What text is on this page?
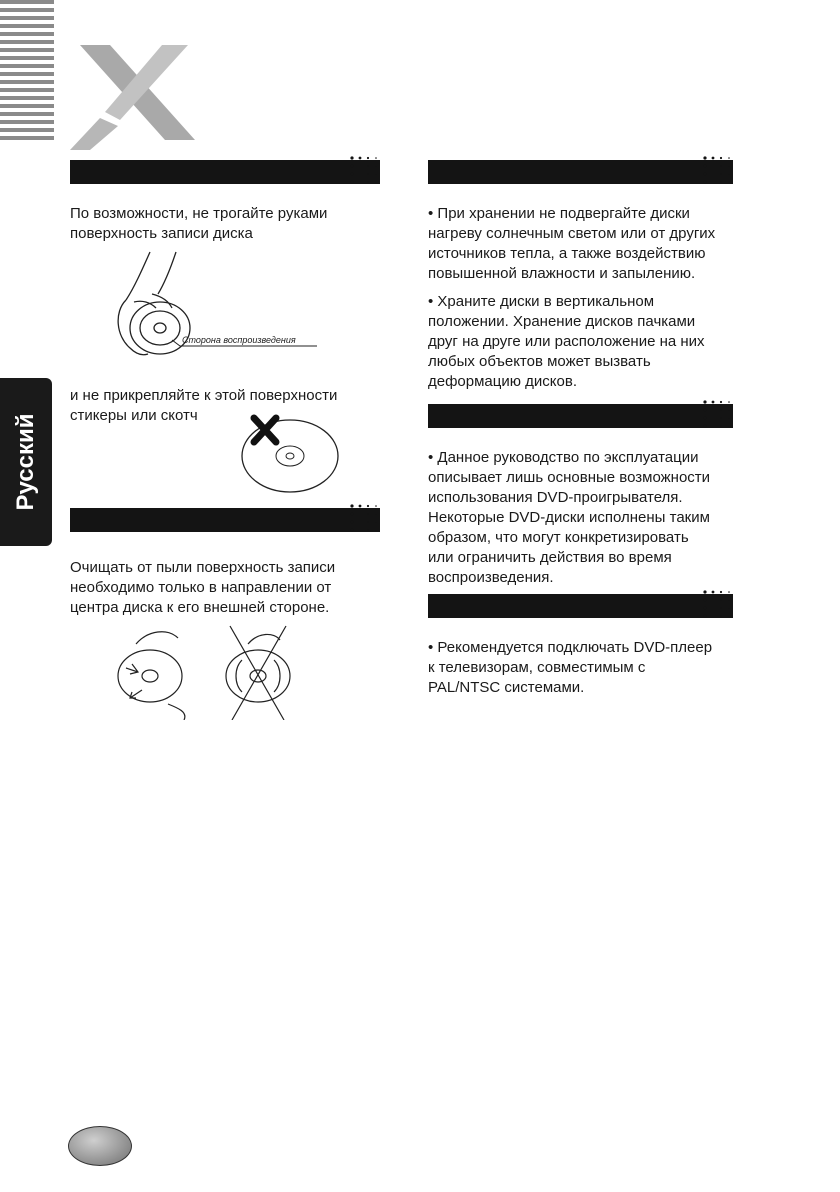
Русский

По возможности, не трогайте руками

поверхность записи диска

Сторона воспроизведения

и не прикрепляйте к этой поверхности

стикеры или скотч

Очищать от пыли поверхность записи

необходимо только в направлении от

центра диска к его внешней стороне.

• При хранении не подвергайте диски

нагреву солнечным светом или от других

источников тепла, а также воздействию

повышенной влажности и запылению.

• Храните диски в вертикальном

положении. Хранение дисков пачками

друг на друге или расположение на них

любых объектов может вызвать

деформацию дисков.

• Данное руководство по эксплуатации

описывает лишь основные возможности

использования DVD-проигрывателя.

Некоторые DVD-диски исполнены таким

образом, что могут конкретизировать

или ограничить действия во время

воспроизведения.

• Рекомендуется подключать DVD-плеер

к телевизорам, совместимым с

PAL/NTSC системами.
